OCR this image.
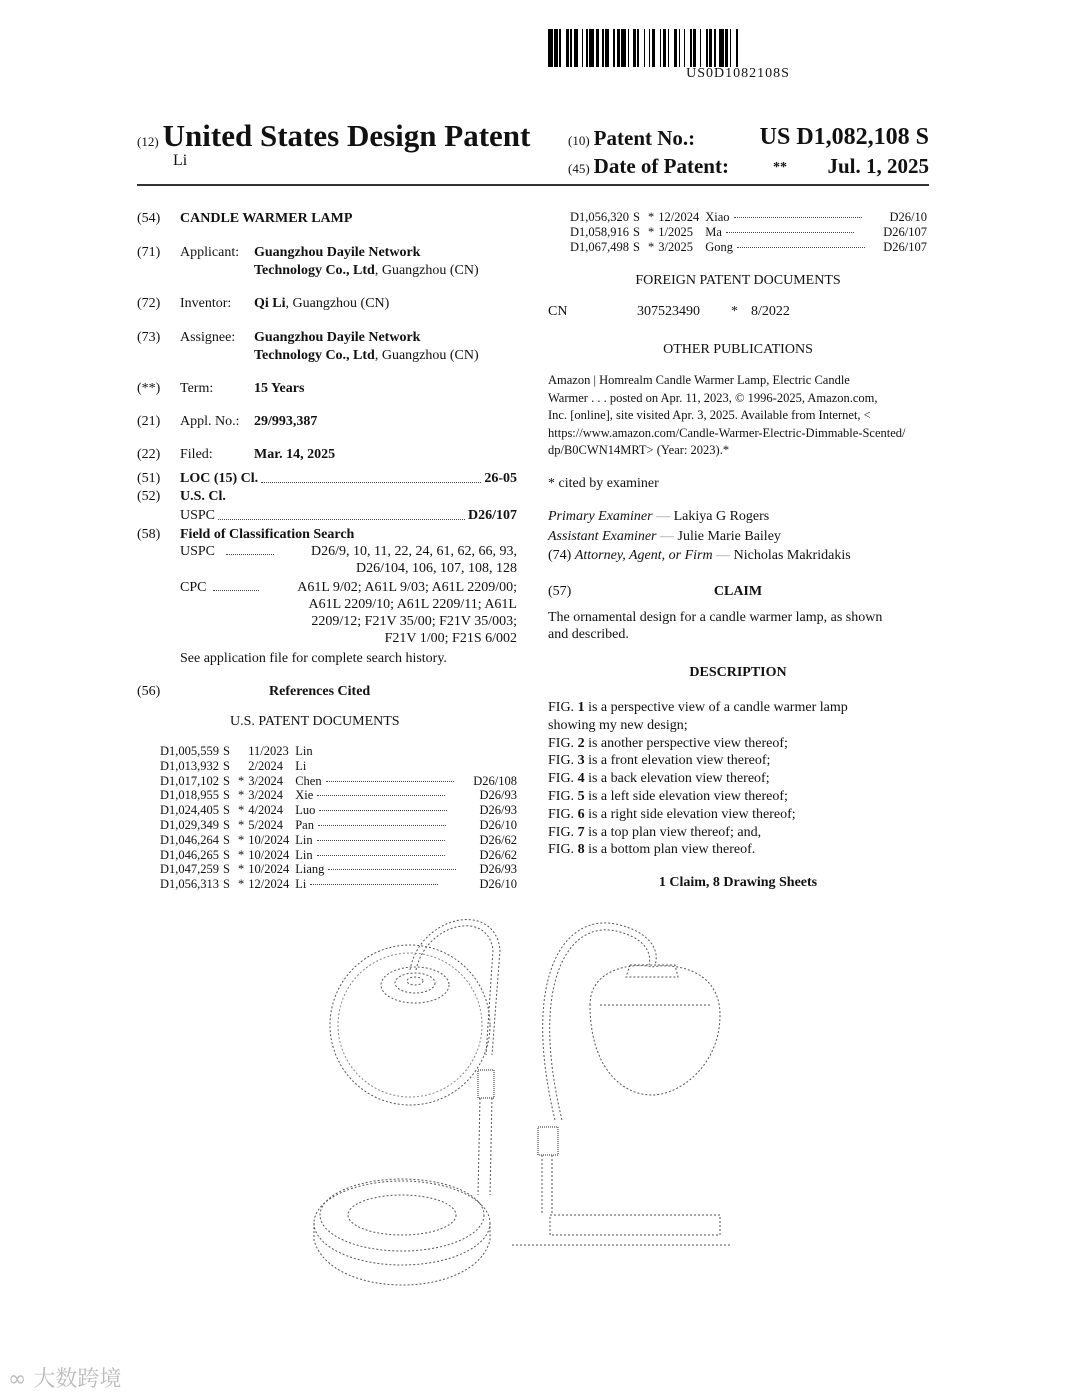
US0D1082108S
(12) United States Design Patent
Li
(10) Patent No.:	US D1,082,108 S
(45) Date of Patent:	** Jul. 1, 2025
(54) CANDLE WARMER LAMP
(71) Applicant: Guangzhou Dayile Network
Technology Co., Ltd, Guangzhou (CN)
(72) Inventor: Qi Li, Guangzhou (CN)
(73) Assignee: Guangzhou Dayile Network
Technology Co., Ltd, Guangzhou (CN)
(**) Term:	15 Years
(21) Appl. No.: 29/993,387
(22) Filed:	Mar. 14, 2025
(51) LOC (15) Cl.	26-05
(52) U.S. Cl.
USPC	D26/107
(58) Field of Classification Search
USPC	D26/9, 10, 11, 22, 24, 61, 62, 66, 93,
D26/104, 106, 107, 108, 128
CPC	A61L 9/02; A61L 9/03; A61L 2209/00;
A61L 2209/10; A61L 2209/11; A61L
2209/12; F21V 35/00; F21V 35/003;
F21V 1/00; F21S 6/002
See application file for complete search history.
(56)	References Cited
U.S. PATENT DOCUMENTS
D1,005,559	S		11/2023	Lin	
D1,013,932	S		2/2024	Li	
D1,017,102	S	*	3/2024	Chen	D26/108
D1,018,955	S	*	3/2024	Xie	D26/93
D1,024,405	S	*	4/2024	Luo	D26/93
D1,029,349	S	*	5/2024	Pan	D26/10
D1,046,264	S	*	10/2024	Lin	D26/62
D1,046,265	S	*	10/2024	Lin	D26/62
D1,047,259	S	*	10/2024	Liang	D26/93
D1,056,313	S	*	12/2024	Li	D26/10
D1,056,320	S	*	12/2024	Xiao	D26/10
D1,058,916	S	*	1/2025	Ma	D26/107
D1,067,498	S	*	3/2025	Gong	D26/107
FOREIGN PATENT DOCUMENTS
CN	307523490 * 8/2022
OTHER PUBLICATIONS
Amazon | Homrealm Candle Warmer Lamp, Electric Candle
Warmer . . . posted on Apr. 11, 2023, © 1996-2025, Amazon.com,
Inc. [online], site visited Apr. 3, 2025. Available from Internet, <
https://www.amazon.com/Candle-Warmer-Electric-Dimmable-Scented/
dp/B0CWN14MRT> (Year: 2023).*
* cited by examiner
Primary Examiner — Lakiya G Rogers
Assistant Examiner — Julie Marie Bailey
(74) Attorney, Agent, or Firm — Nicholas Makridakis
(57)	CLAIM
The ornamental design for a candle warmer lamp, as shown
and described.
DESCRIPTION
FIG. 1 is a perspective view of a candle warmer lamp
showing my new design;
FIG. 2 is another perspective view thereof;
FIG. 3 is a front elevation view thereof;
FIG. 4 is a back elevation view thereof;
FIG. 5 is a left side elevation view thereof;
FIG. 6 is a right side elevation view thereof;
FIG. 7 is a top plan view thereof; and,
FIG. 8 is a bottom plan view thereof.
1 Claim, 8 Drawing Sheets
∞ 大数跨境
